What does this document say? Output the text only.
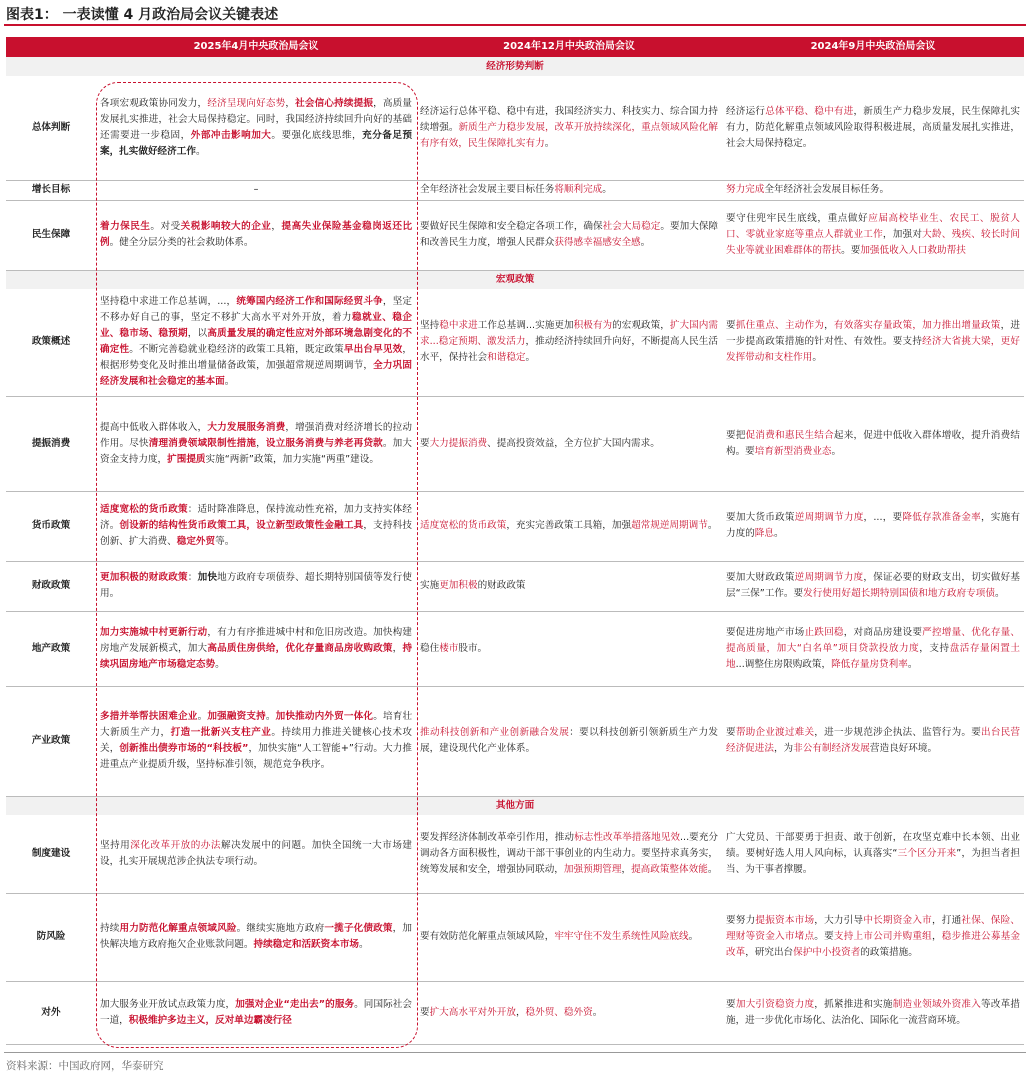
图表1： 一表读懂 4 月政治局会议关键表述
	2025年4月中央政治局会议	2024年12月中央政治局会议	2024年9月中央政治局会议
经济形势判断			
总体判断	各项宏观政策协同发力，经济呈现向好态势，社会信心持续提振，高质量发展扎实推进，社会大局保持稳定。同时，我国经济持续回升向好的基础还需要进一步稳固，外部冲击影响加大。要强化底线思维，充分备足预案，扎实做好经济工作。	经济运行总体平稳、稳中有进，我国经济实力、科技实力、综合国力持续增强。新质生产力稳步发展，改革开放持续深化，重点领域风险化解有序有效，民生保障扎实有力。	经济运行总体平稳、稳中有进，新质生产力稳步发展，民生保障扎实有力，防范化解重点领域风险取得积极进展，高质量发展扎实推进，社会大局保持稳定。
增长目标	–	全年经济社会发展主要目标任务将顺利完成。	努力完成全年经济社会发展目标任务。
民生保障	着力保民生。对受关税影响较大的企业，提高失业保险基金稳岗返还比例。健全分层分类的社会救助体系。	要做好民生保障和安全稳定各项工作，确保社会大局稳定。要加大保障和改善民生力度，增强人民群众获得感幸福感安全感。	要守住兜牢民生底线，重点做好应届高校毕业生、农民工、脱贫人口、零就业家庭等重点人群就业工作，加强对大龄、残疾、较长时间失业等就业困难群体的帮扶。要加强低收入人口救助帮扶
宏观政策			
政策概述	坚持稳中求进工作总基调，...，统筹国内经济工作和国际经贸斗争，坚定不移办好自己的事，坚定不移扩大高水平对外开放，着力稳就业、稳企业、稳市场、稳预期，以高质量发展的确定性应对外部环境急剧变化的不确定性。不断完善稳就业稳经济的政策工具箱，既定政策早出台早见效，根据形势变化及时推出增量储备政策，加强超常规逆周期调节，全力巩固经济发展和社会稳定的基本面。	坚持稳中求进工作总基调...实施更加积极有为的宏观政策，扩大国内需求...稳定预期、激发活力，推动经济持续回升向好，不断提高人民生活水平，保持社会和谐稳定。	要抓住重点、主动作为，有效落实存量政策，加力推出增量政策，进一步提高政策措施的针对性、有效性。要支持经济大省挑大梁，更好发挥带动和支柱作用。
提振消费	提高中低收入群体收入，大力发展服务消费，增强消费对经济增长的拉动作用。尽快清理消费领域限制性措施，设立服务消费与养老再贷款。加大资金支持力度，扩围提质实施“两新”政策，加力实施“两重”建设。	要大力提振消费、提高投资效益，全方位扩大国内需求。	要把促消费和惠民生结合起来，促进中低收入群体增收，提升消费结构。要培育新型消费业态。
货币政策	适度宽松的货币政策：适时降准降息，保持流动性充裕，加力支持实体经济。创设新的结构性货币政策工具，设立新型政策性金融工具，支持科技创新、扩大消费、稳定外贸等。	适度宽松的货币政策，充实完善政策工具箱，加强超常规逆周期调节。	要加大货币政策逆周期调节力度，...，要降低存款准备金率，实施有力度的降息。
财政政策	更加积极的财政政策：加快地方政府专项债券、超长期特别国债等发行使用。	实施更加积极的财政政策	要加大财政政策逆周期调节力度，保证必要的财政支出，切实做好基层“三保”工作。要发行使用好超长期特别国债和地方政府专项债。
地产政策	加力实施城中村更新行动，有力有序推进城中村和危旧房改造。加快构建房地产发展新模式，加大高品质住房供给，优化存量商品房收购政策，持续巩固房地产市场稳定态势。	稳住楼市股市。	要促进房地产市场止跌回稳，对商品房建设要严控增量、优化存量、提高质量，加大“白名单”项目贷款投放力度，支持盘活存量闲置土地...调整住房限购政策，降低存量房贷利率。
产业政策	多措并举帮扶困难企业。加强融资支持。加快推动内外贸一体化。培育壮大新质生产力，打造一批新兴支柱产业。持续用力推进关键核心技术攻关，创新推出债券市场的“科技板”，加快实施“人工智能+”行动。大力推进重点产业提质升级，坚持标准引领，规范竞争秩序。	推动科技创新和产业创新融合发展：要以科技创新引领新质生产力发展，建设现代化产业体系。	要帮助企业渡过难关，进一步规范涉企执法、监管行为。要出台民营经济促进法，为非公有制经济发展营造良好环境。
其他方面			
制度建设	坚持用深化改革开放的办法解决发展中的问题。加快全国统一大市场建设，扎实开展规范涉企执法专项行动。	要发挥经济体制改革牵引作用，推动标志性改革举措落地见效...要充分调动各方面积极性，调动干部干事创业的内生动力。要坚持求真务实，统筹发展和安全，增强协同联动，加强预期管理，提高政策整体效能。	广大党员、干部要勇于担责、敢于创新，在攻坚克难中长本领、出业绩。要树好选人用人风向标，认真落实“三个区分开来”，为担当者担当、为干事者撑腰。
防风险	持续用力防范化解重点领域风险。继续实施地方政府一揽子化债政策，加快解决地方政府拖欠企业账款问题。持续稳定和活跃资本市场。	要有效防范化解重点领域风险，牢牢守住不发生系统性风险底线。	要努力提振资本市场，大力引导中长期资金入市，打通社保、保险、理财等资金入市堵点。要支持上市公司并购重组，稳步推进公募基金改革，研究出台保护中小投资者的政策措施。
对外	加大服务业开放试点政策力度，加强对企业“走出去”的服务。同国际社会一道，积极维护多边主义，反对单边霸凌行径	要扩大高水平对外开放，稳外贸、稳外资。	要加大引资稳资力度，抓紧推进和实施制造业领域外资准入等改革措施，进一步优化市场化、法治化、国际化一流营商环境。
资料来源：中国政府网，华泰研究
